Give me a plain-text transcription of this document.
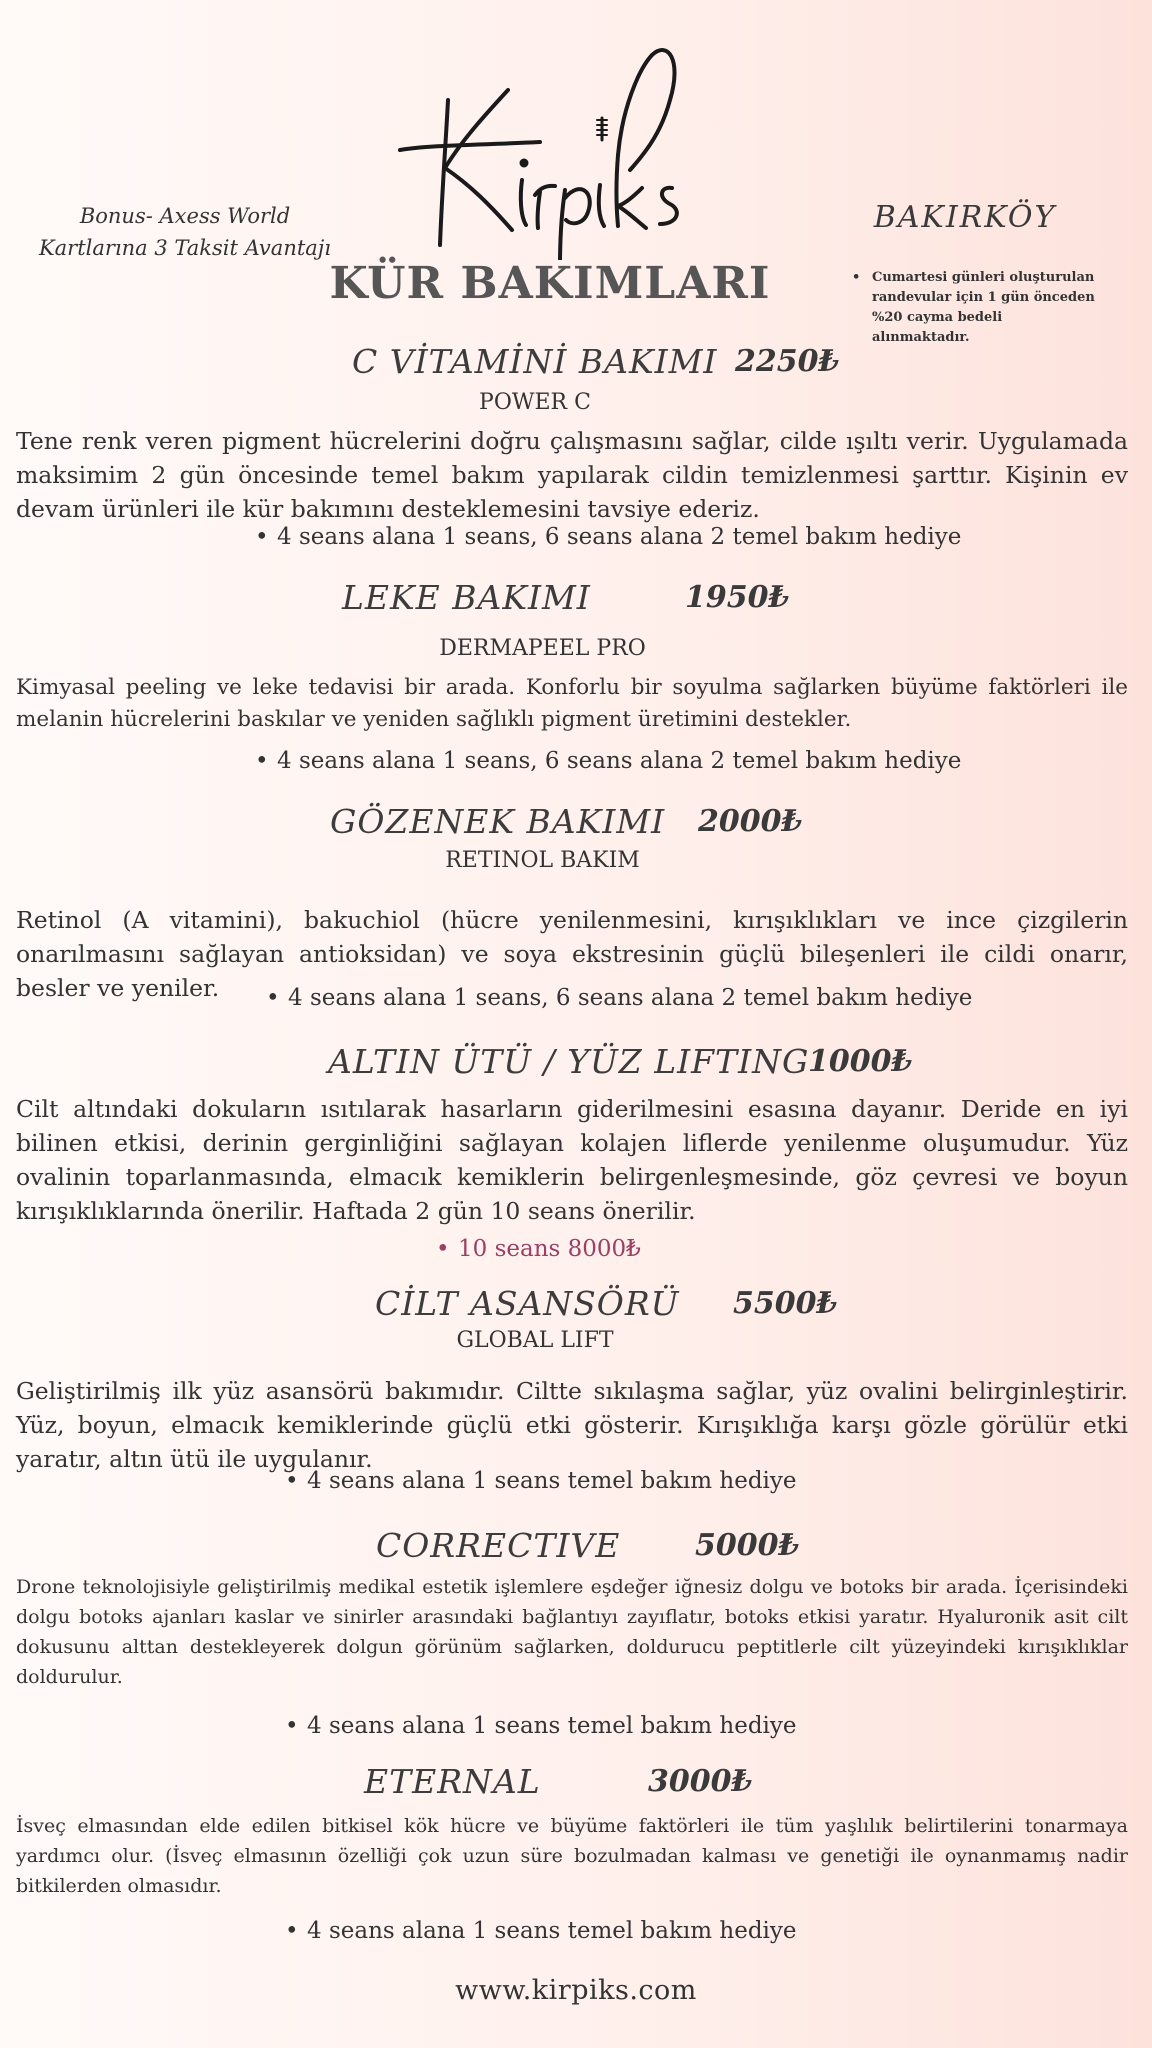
Bonus- Axess World
Kartlarına 3 Taksit Avantajı
KÜR BAKIMLARI
BAKIRKÖY
• Cumartesi günleri oluşturulan randevular için 1 gün önceden %20 cayma bedeli alınmaktadır.
C VİTAMİNİ BAKIMI 2250₺
POWER C
Tene renk veren pigment hücrelerini doğru çalışmasını sağlar, cilde ışıltı verir. Uygulamada maksimim 2 gün öncesinde temel bakım yapılarak cildin temizlenmesi şarttır. Kişinin ev devam ürünleri ile kür bakımını desteklemesini tavsiye ederiz.
• 4 seans alana 1 seans, 6 seans alana 2 temel bakım hediye
LEKE BAKIMI	1950₺
DERMAPEEL PRO
Kimyasal peeling ve leke tedavisi bir arada. Konforlu bir soyulma sağlarken büyüme faktörleri ile melanin hücrelerini baskılar ve yeniden sağlıklı pigment üretimini destekler.
• 4 seans alana 1 seans, 6 seans alana 2 temel bakım hediye
GÖZENEK BAKIMI 2000₺
RETINOL BAKIM
Retinol (A vitamini), bakuchiol (hücre yenilenmesini, kırışıklıkları ve ince çizgilerin onarılmasını sağlayan antioksidan) ve soya ekstresinin güçlü bileşenleri ile cildi onarır, besler ve yeniler.	• 4 seans alana 1 seans, 6 seans alana 2 temel bakım hediye
ALTIN ÜTÜ / YÜZ LIFTING
1000₺
Cilt altındaki dokuların ısıtılarak hasarların giderilmesini esasına dayanır. Deride en iyi bilinen etkisi, derinin gerginliğini sağlayan kolajen liflerde yenilenme oluşumudur. Yüz ovalinin toparlanmasında, elmacık kemiklerin belirgenleşmesinde, göz çevresi ve boyun kırışıklıklarında önerilir. Haftada 2 gün 10 seans önerilir.
• 10 seans 8000₺
CİLT ASANSÖRÜ 5500₺
GLOBAL LIFT
Geliştirilmiş ilk yüz asansörü bakımıdır. Ciltte sıkılaşma sağlar, yüz ovalini belirginleştirir. Yüz, boyun, elmacık kemiklerinde güçlü etki gösterir. Kırışıklığa karşı gözle görülür etki yaratır, altın ütü ile uygulanır.
• 4 seans alana 1 seans temel bakım hediye
CORRECTIVE 5000₺
Drone teknolojisiyle geliştirilmiş medikal estetik işlemlere eşdeğer iğnesiz dolgu ve botoks bir arada. İçerisindeki dolgu botoks ajanları kaslar ve sinirler arasındaki bağlantıyı zayıflatır, botoks etkisi yaratır. Hyaluronik asit cilt dokusunu alttan destekleyerek dolgun görünüm sağlarken, doldurucu peptitlerle cilt yüzeyindeki kırışıklıklar doldurulur.
• 4 seans alana 1 seans temel bakım hediye
ETERNAL	3000₺
İsveç elmasından elde edilen bitkisel kök hücre ve büyüme faktörleri ile tüm yaşlılık belirtilerini tonarmaya yardımcı olur. (İsveç elmasının özelliği çok uzun süre bozulmadan kalması ve genetiği ile oynanmamış nadir bitkilerden olmasıdır.
• 4 seans alana 1 seans temel bakım hediye
www.kirpiks.com
